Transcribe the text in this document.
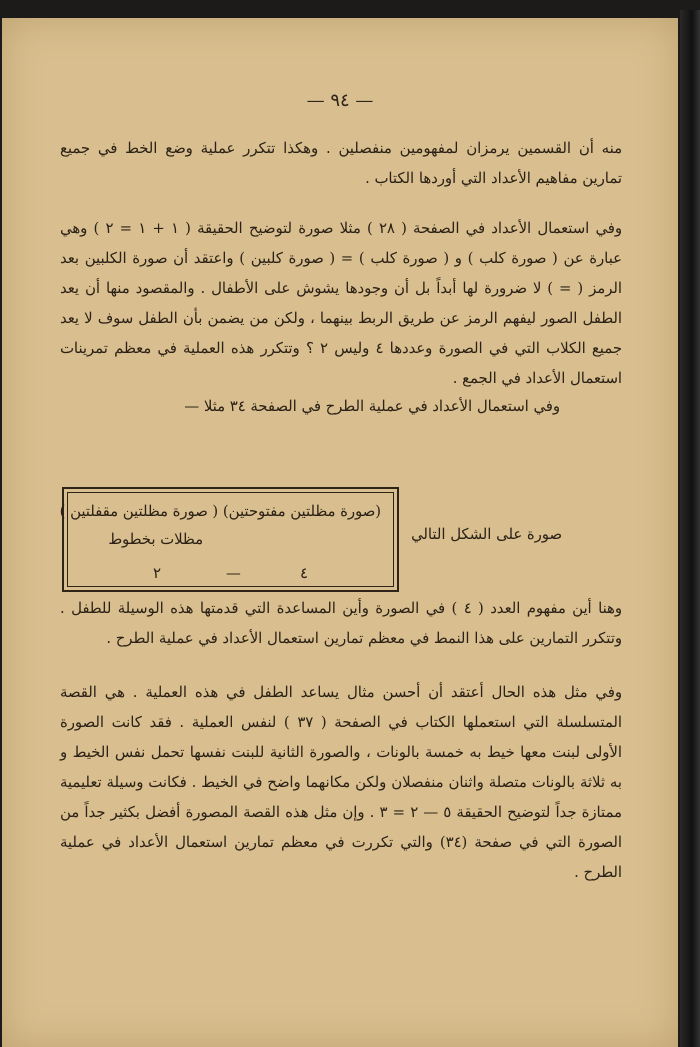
— ٩٤ —

منه أن القسمين يرمزان لمفهومين منفصلين . وهكذا تتكرر عملية وضع الخط في جميع تمارين مفاهيم الأعداد التي أوردها الكتاب .

وفي استعمال الأعداد في الصفحة ( ٢٨ ) مثلا صورة لتوضيح الحقيقة ( ١ + ١ = ٢ ) وهي عبارة عن ( صورة كلب ) و ( صورة كلب ) = ( صورة كلبين ) واعتقد أن صورة الكلبين بعد الرمز ( = ) لا ضرورة لها أبداً بل أن وجودها يشوش على الأطفال . والمقصود منها أن يعد الطفل الصور ليفهم الرمز عن طريق الربط بينهما ، ولكن من يضمن بأن الطفل سوف لا يعد جميع الكلاب التي في الصورة وعددها ٤ وليس ٢ ؟ وتتكرر هذه العملية في معظم تمرينات استعمال الأعداد في الجمع .

وفي استعمال الأعداد في عملية الطرح في الصفحة ٣٤ مثلا —

(صورة مظلتين مفتوحتين) ( صورة مظلتين مقفلتين )
مظلات بخطوط
٤
—
٢
صورة على الشكل التالي

وهنا أين مفهوم العدد ( ٤ ) في الصورة وأين المساعدة التي قدمتها هذه الوسيلة للطفل . وتتكرر التمارين على هذا النمط في معظم تمارين استعمال الأعداد في عملية الطرح .

وفي مثل هذه الحال أعتقد أن أحسن مثال يساعد الطفل في هذه العملية . هي القصة المتسلسلة التي استعملها الكتاب في الصفحة ( ٣٧ ) لنفس العملية . فقد كانت الصورة الأولى لبنت معها خيط به خمسة بالونات ، والصورة الثانية للبنت نفسها تحمل نفس الخيط و به ثلاثة بالونات متصلة واثنان منفصلان ولكن مكانهما واضح في الخيط . فكانت وسيلة تعليمية ممتازة جداً لتوضيح الحقيقة ٥ — ٢ = ٣ . وإن مثل هذه القصة المصورة أفضل بكثير جداً من الصورة التي في صفحة (٣٤) والتي تكررت في معظم تمارين استعمال الأعداد في عملية الطرح .
